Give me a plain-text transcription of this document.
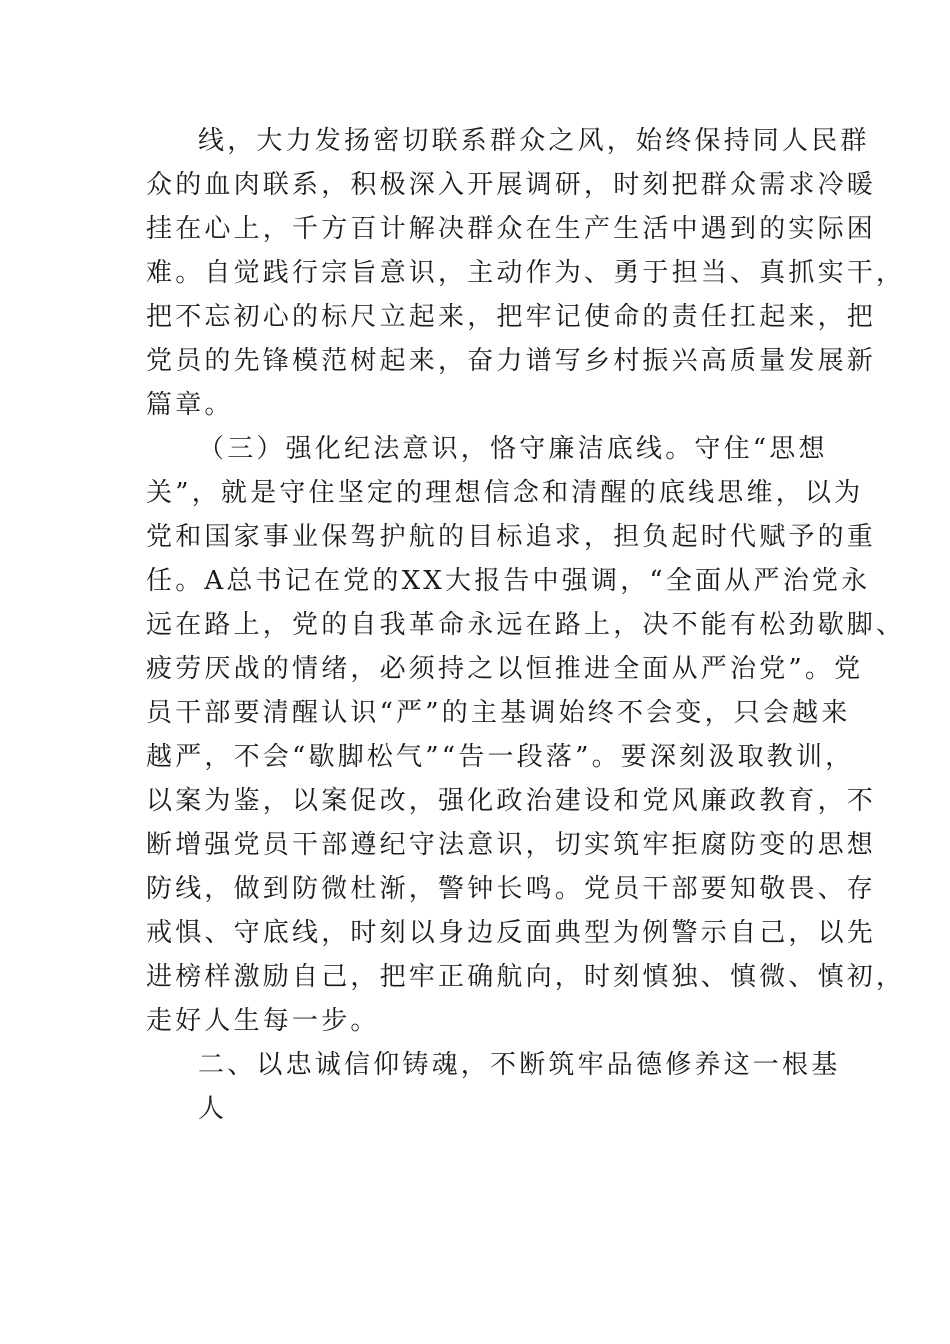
线，大力发扬密切联系群众之风，始终保持同人民群
众的血肉联系，积极深入开展调研，时刻把群众需求冷暖
挂在心上，千方百计解决群众在生产生活中遇到的实际困
难。自觉践行宗旨意识，主动作为、勇于担当、真抓实干，
把不忘初心的标尺立起来，把牢记使命的责任扛起来，把
党员的先锋模范树起来，奋力谱写乡村振兴高质量发展新
篇章。
（三）强化纪法意识，恪守廉洁底线。守住“思想
关”，就是守住坚定的理想信念和清醒的底线思维，以为
党和国家事业保驾护航的目标追求，担负起时代赋予的重
任。A总书记在党的XX大报告中强调，“全面从严治党永
远在路上，党的自我革命永远在路上，决不能有松劲歇脚、
疲劳厌战的情绪，必须持之以恒推进全面从严治党”。党
员干部要清醒认识“严”的主基调始终不会变，只会越来
越严，不会“歇脚松气”“告一段落”。要深刻汲取教训，
以案为鉴，以案促改，强化政治建设和党风廉政教育，不
断增强党员干部遵纪守法意识，切实筑牢拒腐防变的思想
防线，做到防微杜渐，警钟长鸣。党员干部要知敬畏、存
戒惧、守底线，时刻以身边反面典型为例警示自己，以先
进榜样激励自己，把牢正确航向，时刻慎独、慎微、慎初，
走好人生每一步。
二、以忠诚信仰铸魂，不断筑牢品德修养这一根基
人
